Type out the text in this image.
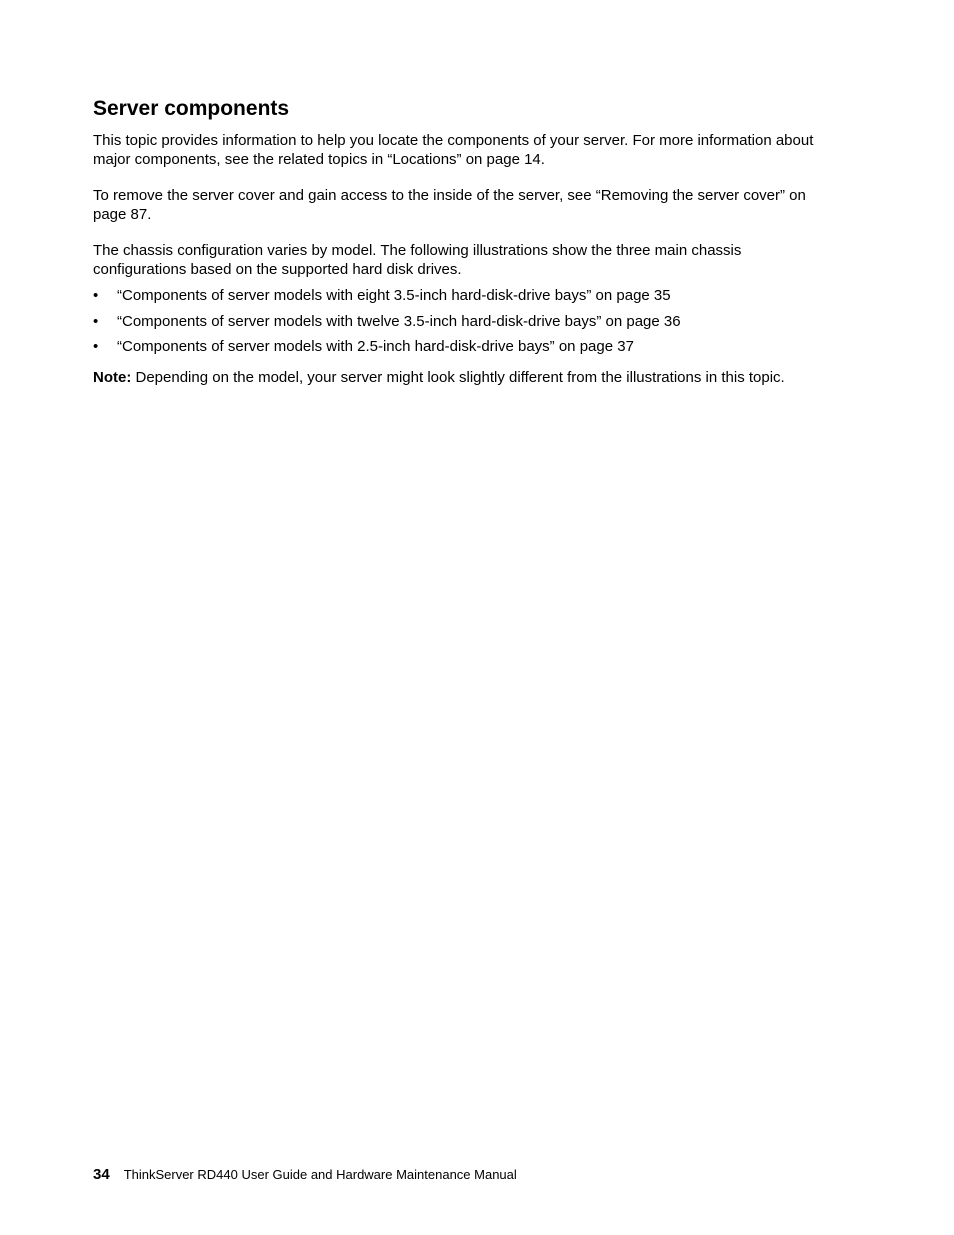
Server components

This topic provides information to help you locate the components of your server. For more information about major components, see the related topics in “Locations” on page 14.

To remove the server cover and gain access to the inside of the server, see “Removing the server cover” on page 87.

The chassis configuration varies by model. The following illustrations show the three main chassis configurations based on the supported hard disk drives.

• “Components of server models with eight 3.5-inch hard-disk-drive bays” on page 35
• “Components of server models with twelve 3.5-inch hard-disk-drive bays” on page 36
• “Components of server models with 2.5-inch hard-disk-drive bays” on page 37

Note: Depending on the model, your server might look slightly different from the illustrations in this topic.

34 ThinkServer RD440 User Guide and Hardware Maintenance Manual
